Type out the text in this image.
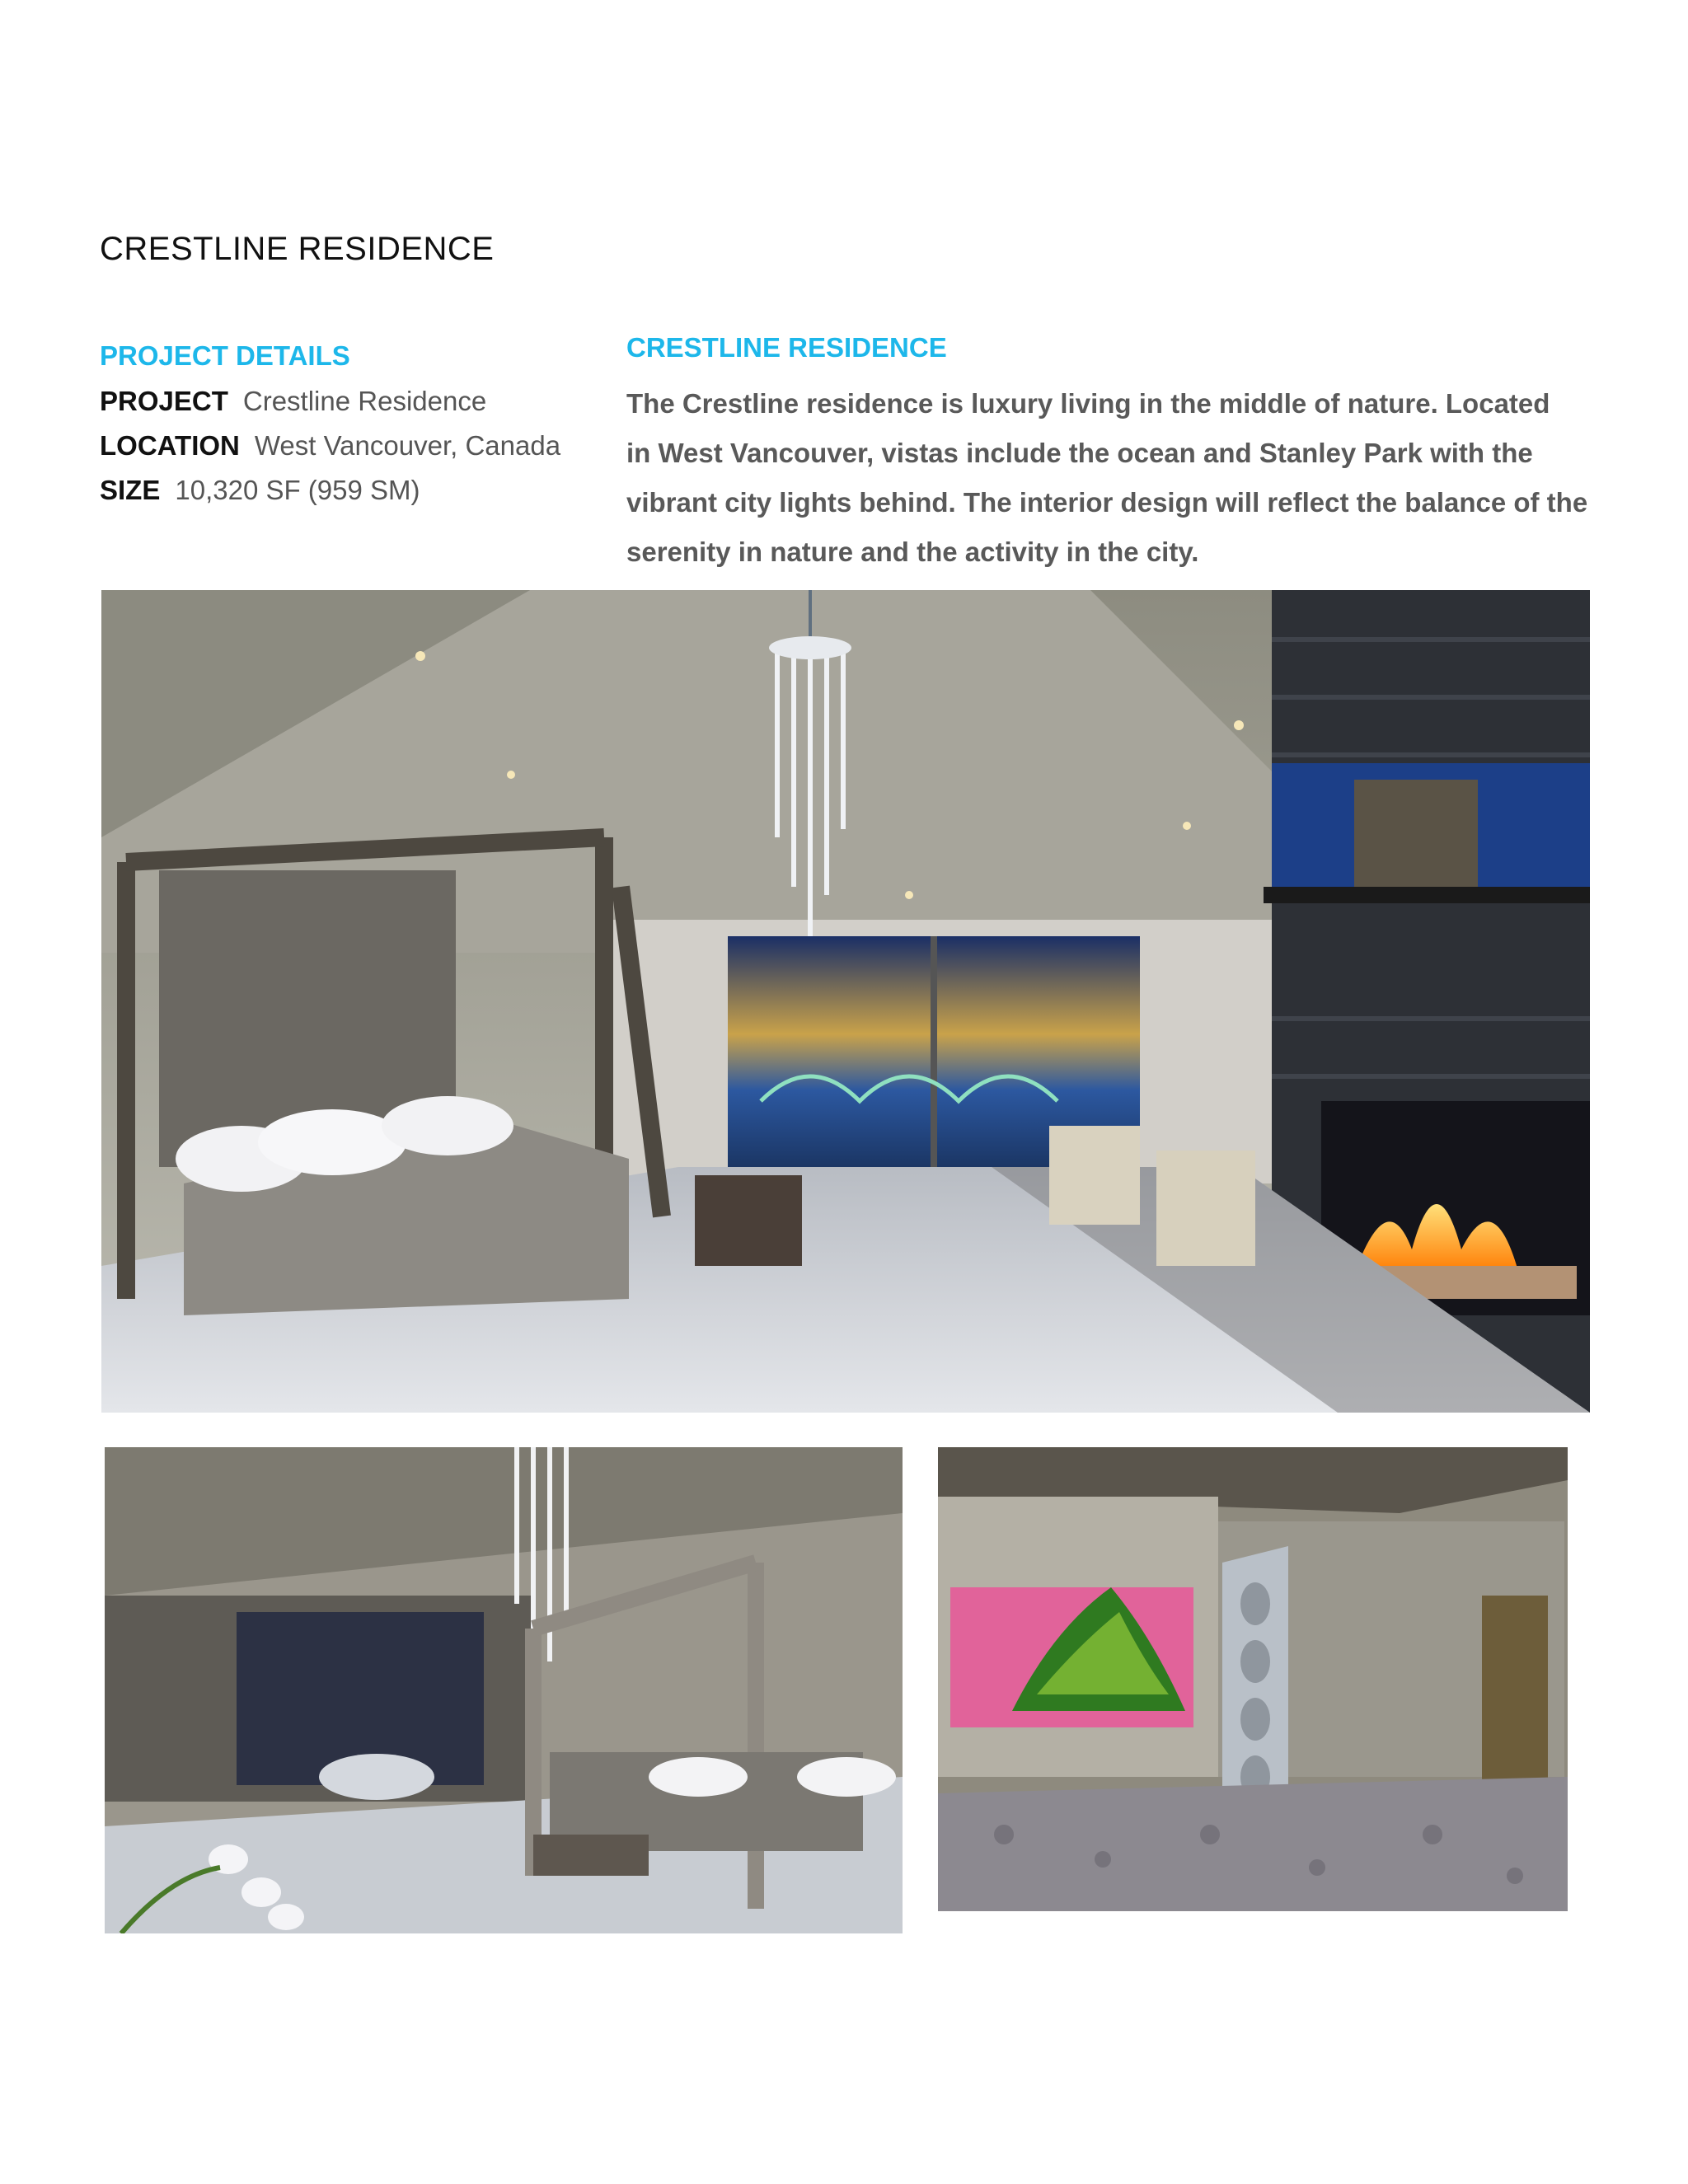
CRESTLINE RESIDENCE
PROJECT DETAILS
PROJECT Crestline Residence
LOCATION West Vancouver, Canada
SIZE 10,320 SF (959 SM)
CRESTLINE RESIDENCE
The Crestline residence is luxury living in the middle of nature. Located
in West Vancouver, vistas include the ocean and Stanley Park with the
vibrant city lights behind. The interior design will reflect the balance of the
serenity in nature and the activity in the city.
